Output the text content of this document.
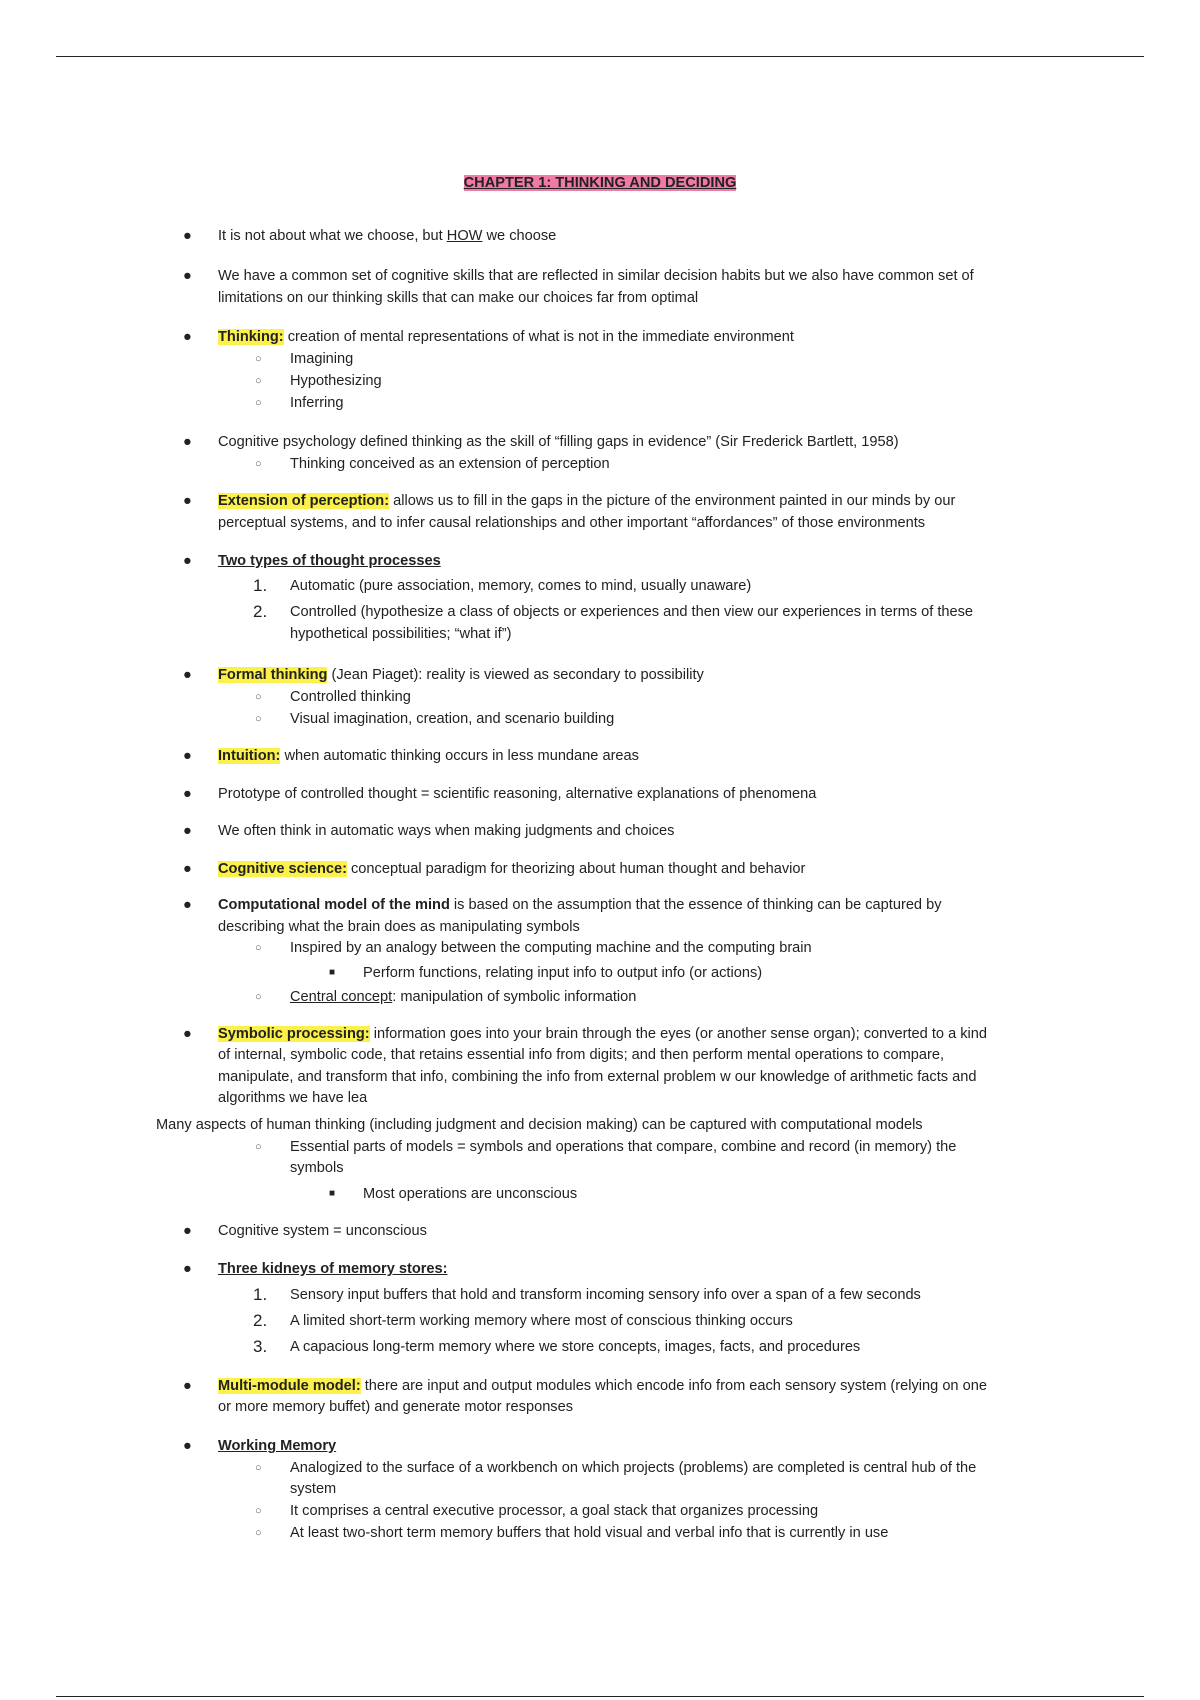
CHAPTER 1: THINKING AND DECIDING
● It is not about what we choose, but HOW we choose
● We have a common set of cognitive skills that are reflected in similar decision habits but we also have common set of
limitations on our thinking skills that can make our choices far from optimal
● Thinking: creation of mental representations of what is not in the immediate environment
○ Imagining
○ Hypothesizing
○ Inferring
● Cognitive psychology defined thinking as the skill of “filling gaps in evidence” (Sir Frederick Bartlett, 1958)
○ Thinking conceived as an extension of perception
● Extension of perception: allows us to fill in the gaps in the picture of the environment painted in our minds by our
perceptual systems, and to infer causal relationships and other important “affordances” of those environments
● Two types of thought processes
1. Automatic (pure association, memory, comes to mind, usually unaware)
2. Controlled (hypothesize a class of objects or experiences and then view our experiences in terms of these
hypothetical possibilities; “what if”)
● Formal thinking (Jean Piaget): reality is viewed as secondary to possibility
○ Controlled thinking
○ Visual imagination, creation, and scenario building
● Intuition: when automatic thinking occurs in less mundane areas
● Prototype of controlled thought = scientific reasoning, alternative explanations of phenomena
● We often think in automatic ways when making judgments and choices
● Cognitive science: conceptual paradigm for theorizing about human thought and behavior
● Computational model of the mind is based on the assumption that the essence of thinking can be captured by
describing what the brain does as manipulating symbols
○ Inspired by an analogy between the computing machine and the computing brain
■ Perform functions, relating input info to output info (or actions)
○ Central concept: manipulation of symbolic information
● Symbolic processing: information goes into your brain through the eyes (or another sense organ); converted to a kind
of internal, symbolic code, that retains essential info from digits; and then perform mental operations to compare,
manipulate, and transform that info, combining the info from external problem w our knowledge of arithmetic facts and
algorithms we have lea
Many aspects of human thinking (including judgment and decision making) can be captured with computational models
○ Essential parts of models = symbols and operations that compare, combine and record (in memory) the
symbols
■ Most operations are unconscious
● Cognitive system = unconscious
● Three kidneys of memory stores:
1. Sensory input buffers that hold and transform incoming sensory info over a span of a few seconds
2. A limited short-term working memory where most of conscious thinking occurs
3. A capacious long-term memory where we store concepts, images, facts, and procedures
● Multi-module model: there are input and output modules which encode info from each sensory system (relying on one
or more memory buffet) and generate motor responses
● Working Memory
○ Analogized to the surface of a workbench on which projects (problems) are completed is central hub of the
system
○ It comprises a central executive processor, a goal stack that organizes processing
○ At least two-short term memory buffers that hold visual and verbal info that is currently in use
